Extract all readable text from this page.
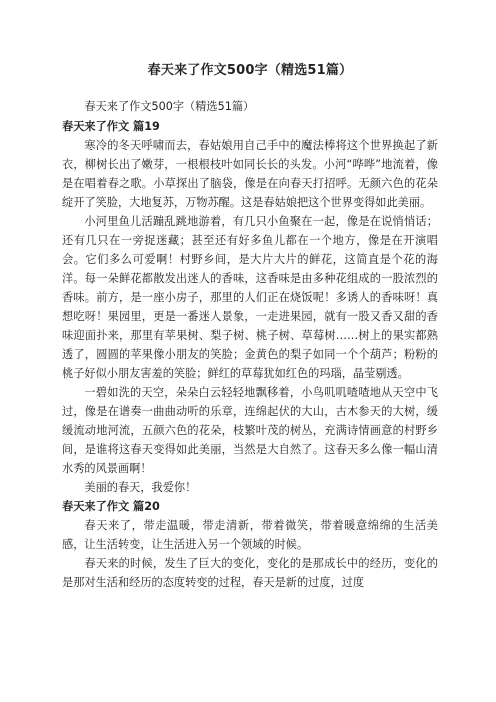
春天来了作文500字（精选51篇）

春天来了作文500字（精选51篇）

春天来了作文 篇19

寒冷的冬天呼啸而去，春姑娘用自己手中的魔法棒将这个世界换起了新衣，柳树长出了嫩芽，一根根枝叶如同长长的头发。小河“哗哗”地流着，像是在唱着春之歌。小草探出了脑袋，像是在向春天打招呼。无颜六色的花朵绽开了笑脸，大地复苏，万物苏醒。这是春姑娘把这个世界变得如此美丽。

小河里鱼儿活蹦乱跳地游着，有几只小鱼聚在一起，像是在说悄悄话；还有几只在一旁捉迷藏；甚至还有好多鱼儿都在一个地方，像是在开演唱会。它们多么可爱啊！村野乡间，是大片大片的鲜花，这简直是个花的海洋。每一朵鲜花都散发出迷人的香味，这香味是由多种花组成的一股浓烈的香味。前方，是一座小房子，那里的人们正在烧饭呢！多诱人的香味呀！真想吃呀！果园里，更是一番迷人景象，一走进果园，就有一股又香又甜的香味迎面扑来，那里有苹果树、梨子树、桃子树、草莓树……树上的果实都熟透了，圆圆的苹果像小朋友的笑脸；金黄色的梨子如同一个个葫芦；粉粉的桃子好似小朋友害羞的笑脸；鲜红的草莓犹如红色的玛瑙，晶莹剔透。

一碧如洗的天空，朵朵白云轻轻地飘移着，小鸟叽叽喳喳地从天空中飞过，像是在谱奏一曲曲动听的乐章，连绵起伏的大山，古木参天的大树，缓缓流动地河流，五颜六色的花朵，枝繁叶茂的树丛，充满诗情画意的村野乡间，是谁将这春天变得如此美丽，当然是大自然了。这春天多么像一幅山清水秀的风景画啊！

美丽的春天，我爱你！

春天来了作文 篇20

春天来了，带走温暖，带走清新，带着微笑，带着暖意绵绵的生活美感，让生活转变，让生活进入另一个领域的时候。

春天来的时候，发生了巨大的变化，变化的是那成长中的经历，变化的是那对生活和经历的态度转变的过程，春天是新的过度，过度
